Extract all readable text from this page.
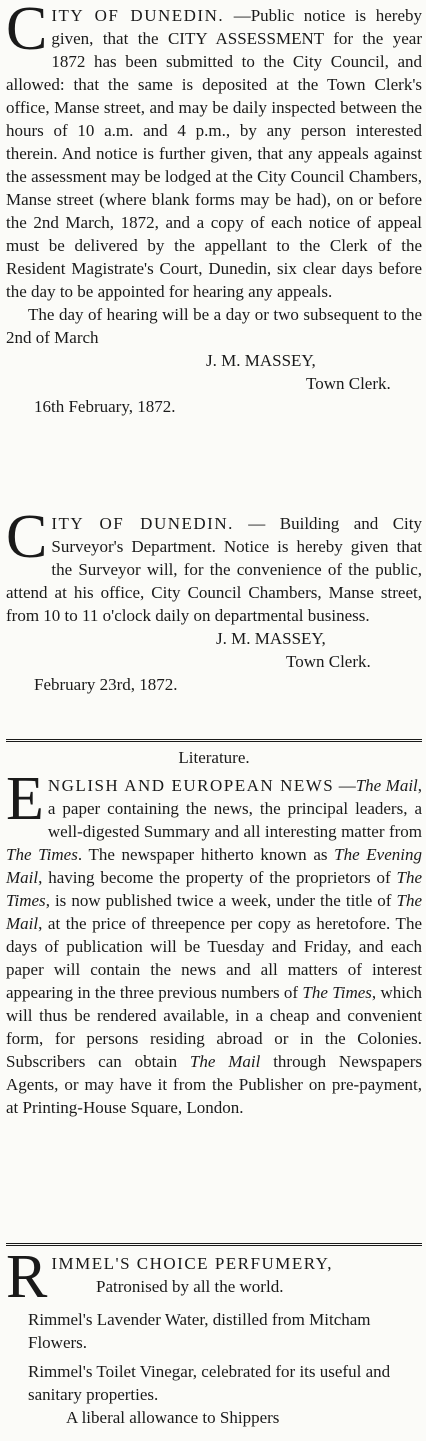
CITY OF DUNEDIN. —Public notice is hereby given, that the CITY ASSESSMENT for the year 1872 has been submitted to the City Council, and allowed: that the same is deposited at the Town Clerk's office, Manse street, and may be daily inspected between the hours of 10 a.m. and 4 p.m., by any person interested therein. And notice is further given, that any appeals against the assessment may be lodged at the City Council Chambers, Manse street (where blank forms may be had), on or before the 2nd March, 1872, and a copy of each notice of appeal must be delivered by the appellant to the Clerk of the Resident Magistrate's Court, Dunedin, six clear days before the day to be appointed for hearing any appeals.

The day of hearing will be a day or two subsequent to the 2nd of March

J. M. MASSEY,
Town Clerk.
16th February, 1872.
CITY OF DUNEDIN. — Building and City Surveyor's Department. Notice is hereby given that the Surveyor will, for the convenience of the public, attend at his office, City Council Chambers, Manse street, from 10 to 11 o'clock daily on departmental business.
J. M. MASSEY,
Town Clerk.
February 23rd, 1872.
Literature.
ENGLISH AND EUROPEAN NEWS —The Mail, a paper containing the news, the principal leaders, a well-digested Summary and all interesting matter from The Times. The newspaper hitherto known as The Evening Mail, having become the property of the proprietors of The Times, is now published twice a week, under the title of The Mail, at the price of threepence per copy as heretofore. The days of publication will be Tuesday and Friday, and each paper will contain the news and all matters of interest appearing in the three previous numbers of The Times, which will thus be rendered available, in a cheap and convenient form, for persons residing abroad or in the Colonies. Subscribers can obtain The Mail through Newspapers Agents, or may have it from the Publisher on pre-payment, at Printing-House Square, London.
RIMMEL'S CHOICE PERFUMERY,
Patronised by all the world.

Rimmel's Lavender Water, distilled from Mitcham Flowers.

Rimmel's Toilet Vinegar, celebrated for its useful and sanitary properties.

A liberal allowance to Shippers
